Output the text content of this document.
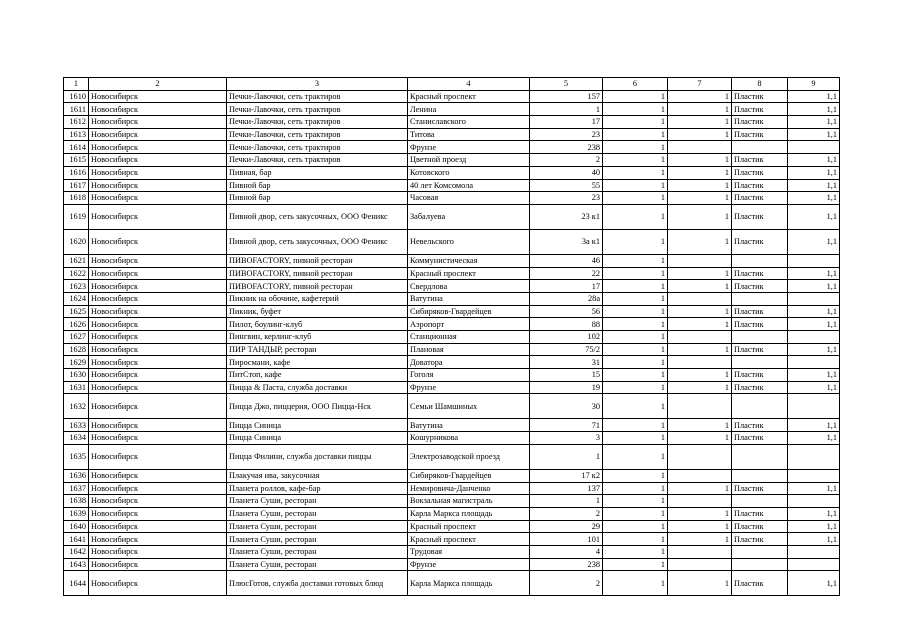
1	2	3	4	5	6	7	8	9
1610	Новосибирск	Печки-Лавочки, сеть трактиров	Красный проспект	157	1	1	Пластик	1,1
1611	Новосибирск	Печки-Лавочки, сеть трактиров	Ленина	1	1	1	Пластик	1,1
1612	Новосибирск	Печки-Лавочки, сеть трактиров	Станиславского	17	1	1	Пластик	1,1
1613	Новосибирск	Печки-Лавочки, сеть трактиров	Титова	23	1	1	Пластик	1,1
1614	Новосибирск	Печки-Лавочки, сеть трактиров	Фрунзе	238	1			
1615	Новосибирск	Печки-Лавочки, сеть трактиров	Цветной проезд	2	1	1	Пластик	1,1
1616	Новосибирск	Пивная, бар	Котовского	40	1	1	Пластик	1,1
1617	Новосибирск	Пивной бар	40 лет Комсомола	55	1	1	Пластик	1,1
1618	Новосибирск	Пивной бар	Часовая	23	1	1	Пластик	1,1
1619	Новосибирск	Пивной двор, сеть закусочных, ООО Феникс	Забалуева	23 к1	1	1	Пластик	1,1
1620	Новосибирск	Пивной двор, сеть закусочных, ООО Феникс	Невельского	3а к1	1	1	Пластик	1,1
1621	Новосибирск	ПИВОFACTORY, пивной ресторан	Коммунистическая	46	1			
1622	Новосибирск	ПИВОFACTORY, пивной ресторан	Красный проспект	22	1	1	Пластик	1,1
1623	Новосибирск	ПИВОFACTORY, пивной ресторан	Свердлова	17	1	1	Пластик	1,1
1624	Новосибирск	Пикник на обочине, кафетерий	Ватутина	28а	1			
1625	Новосибирск	Пикник, буфет	Сибиряков-Гвардейцев	56	1	1	Пластик	1,1
1626	Новосибирск	Пилот, боулинг-клуб	Аэропорт	88	1	1	Пластик	1,1
1627	Новосибирск	Пингвин, керлинг-клуб	Станционная	102	1			
1628	Новосибирск	ПИР ТАНДЫР, ресторан	Плановая	75/2	1	1	Пластик	1,1
1629	Новосибирск	Пиросмани, кафе	Доватора	31	1			
1630	Новосибирск	ПитСтоп, кафе	Гоголя	15	1	1	Пластик	1,1
1631	Новосибирск	Пицца & Паста, служба доставки	Фрунзе	19	1	1	Пластик	1,1
1632	Новосибирск	Пицца Джо, пиццерия, ООО Пицца-Нск	Семьи Шамшиных	30	1			
1633	Новосибирск	Пицца Синица	Ватутина	71	1	1	Пластик	1,1
1634	Новосибирск	Пицца Синица	Кошурникова	3	1	1	Пластик	1,1
1635	Новосибирск	Пицца Филини, служба доставки пиццы	Электрозаводской проезд	1	1			
1636	Новосибирск	Плакучая ива, закусочная	Сибиряков-Гвардейцев	17 к2	1			
1637	Новосибирск	Планета роллов, кафе-бар	Немировича-Данченко	137	1	1	Пластик	1,1
1638	Новосибирск	Планета Суши, ресторан	Вокзальная магистраль	1	1			
1639	Новосибирск	Планета Суши, ресторан	Карла Маркса площадь	2	1	1	Пластик	1,1
1640	Новосибирск	Планета Суши, ресторан	Красный проспект	29	1	1	Пластик	1,1
1641	Новосибирск	Планета Суши, ресторан	Красный проспект	101	1	1	Пластик	1,1
1642	Новосибирск	Планета Суши, ресторан	Трудовая	4	1			
1643	Новосибирск	Планета Суши, ресторан	Фрунзе	238	1			
1644	Новосибирск	ПлюсГотов, служба доставки готовых блюд	Карла Маркса площадь	2	1	1	Пластик	1,1
